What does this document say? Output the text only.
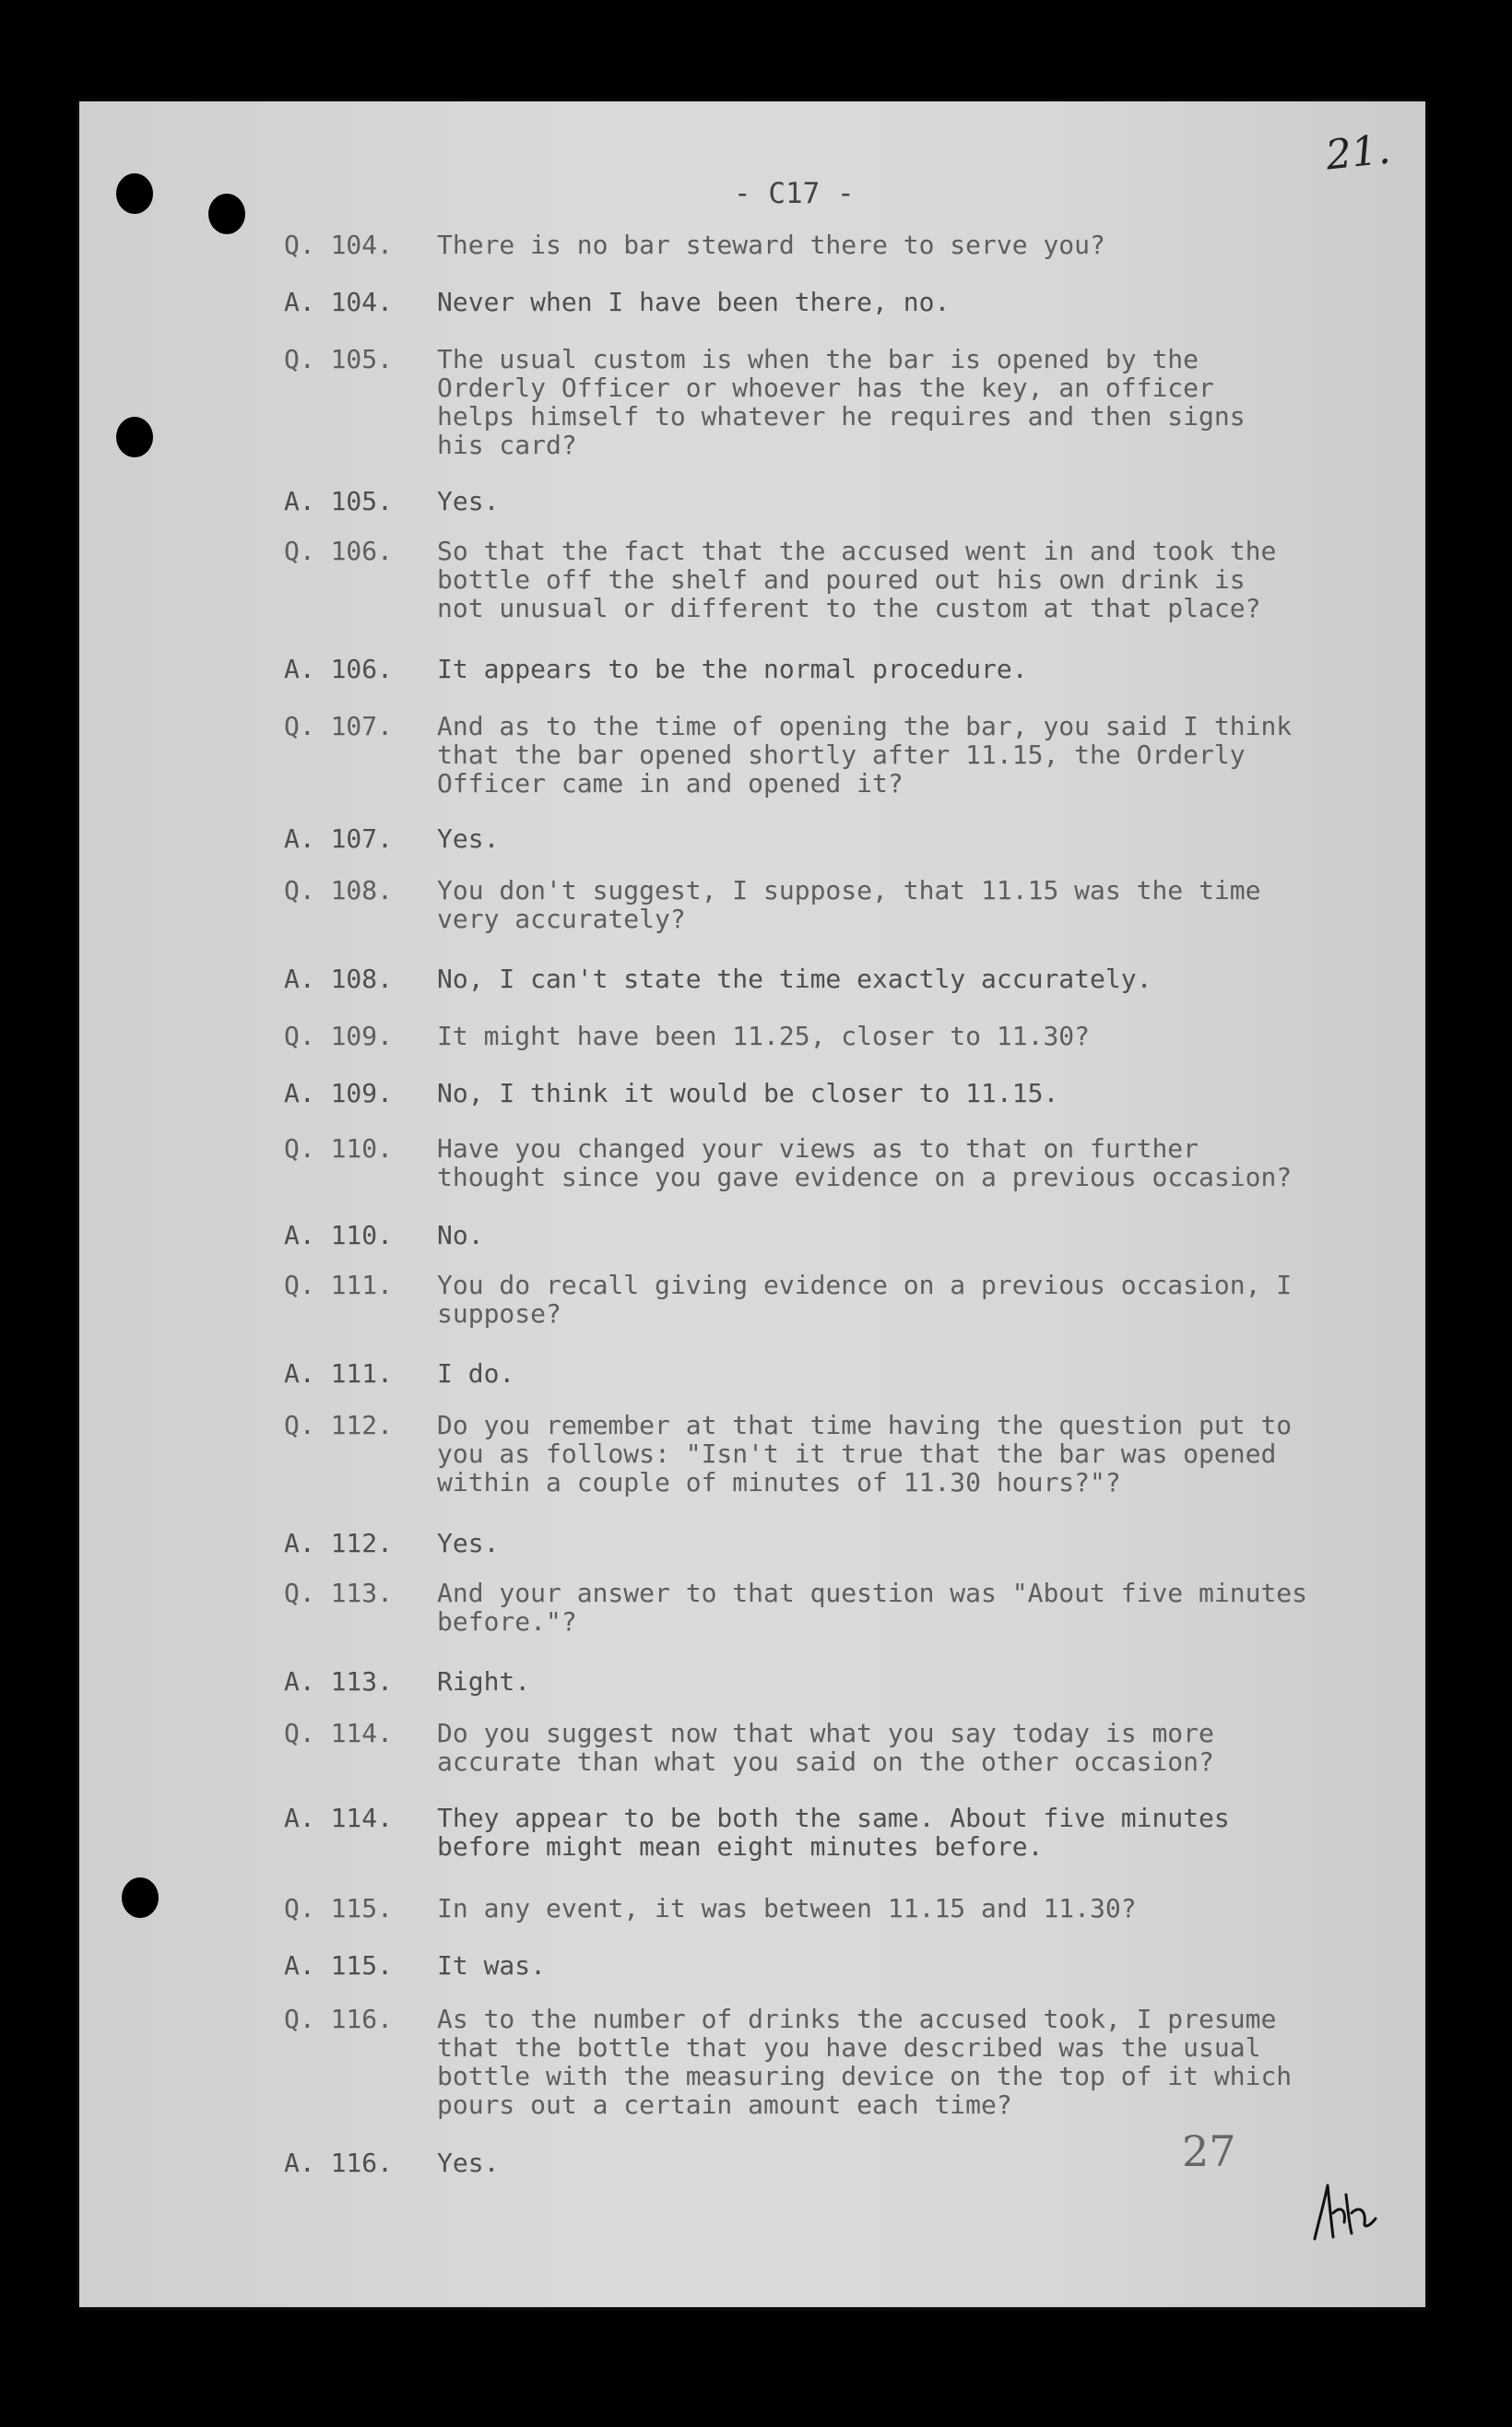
21.
- C17 -
Q. 104.	There is no bar steward there to serve you?
A. 104.	Never when I have been there, no.
Q. 105.	The usual custom is when the bar is opened by the
Orderly Officer or whoever has the key, an officer
helps himself to whatever he requires and then signs
his card?
A. 105.	Yes.
Q. 106.	So that the fact that the accused went in and took the
bottle off the shelf and poured out his own drink is
not unusual or different to the custom at that place?
A. 106.	It appears to be the normal procedure.
Q. 107.	And as to the time of opening the bar, you said I think
that the bar opened shortly after 11.15, the Orderly
Officer came in and opened it?
A. 107.	Yes.
Q. 108.	You don't suggest, I suppose, that 11.15 was the time
very accurately?
A. 108.	No, I can't state the time exactly accurately.
Q. 109.	It might have been 11.25, closer to 11.30?
A. 109.	No, I think it would be closer to 11.15.
Q. 110.	Have you changed your views as to that on further
thought since you gave evidence on a previous occasion?
A. 110.	No.
Q. 111.	You do recall giving evidence on a previous occasion, I
suppose?
A. 111.	I do.
Q. 112.	Do you remember at that time having the question put to
you as follows: "Isn't it true that the bar was opened
within a couple of minutes of 11.30 hours?"?
A. 112.	Yes.
Q. 113.	And your answer to that question was "About five minutes
before."?
A. 113.	Right.
Q. 114.	Do you suggest now that what you say today is more
accurate than what you said on the other occasion?
A. 114.	They appear to be both the same. About five minutes
before might mean eight minutes before.
Q. 115.	In any event, it was between 11.15 and 11.30?
A. 115.	It was.
Q. 116.	As to the number of drinks the accused took, I presume
that the bottle that you have described was the usual
bottle with the measuring device on the top of it which
pours out a certain amount each time?
A. 116.	Yes.	27
